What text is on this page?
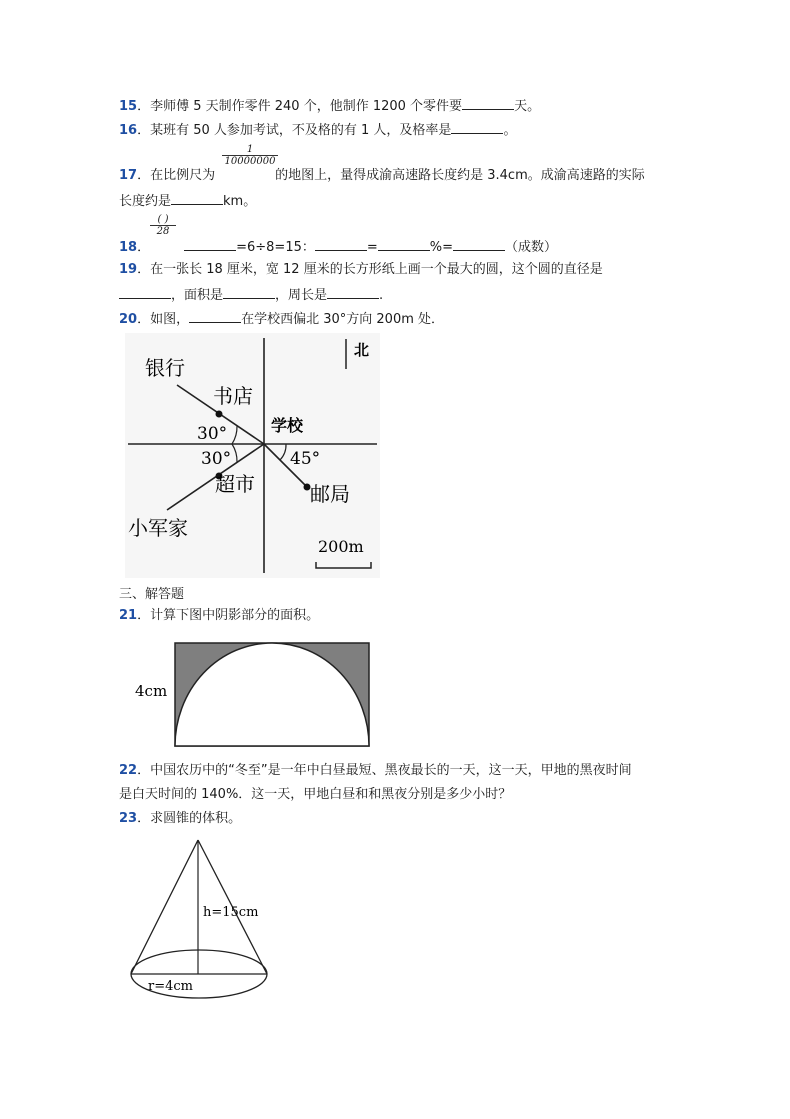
15．李师傅 5 天制作零件 240 个，他制作 1200 个零件要	天。
16．某班有 50 人参加考试，不及格的有 1 人，及格率是	。
$\frac{1}{10000000}$
17．在比例尺为	的地图上，量得成渝高速路长度约是 3.4cm。成渝高速路的实际
长度约是	km。
( )
28
18．	=6÷8=15：	=	%=	（成数）
19．在一张长 18 厘米，宽 12 厘米的长方形纸上画一个最大的圆，这个圆的直径是
，面积是	，周长是	.
20．如图，	在学校西偏北 30°方向 200m 处．
北
银行
书店
学校
30°
30°	45°
超市	邮局
小军家
200m
三、解答题
21．计算下图中阴影部分的面积。
4cm
22．中国农历中的“冬至”是一年中白昼最短、黑夜最长的一天，这一天，甲地的黑夜时间
是白天时间的 140%．这一天，甲地白昼和和黑夜分别是多少小时？
23．求圆锥的体积。
h=15cm
r=4cm
